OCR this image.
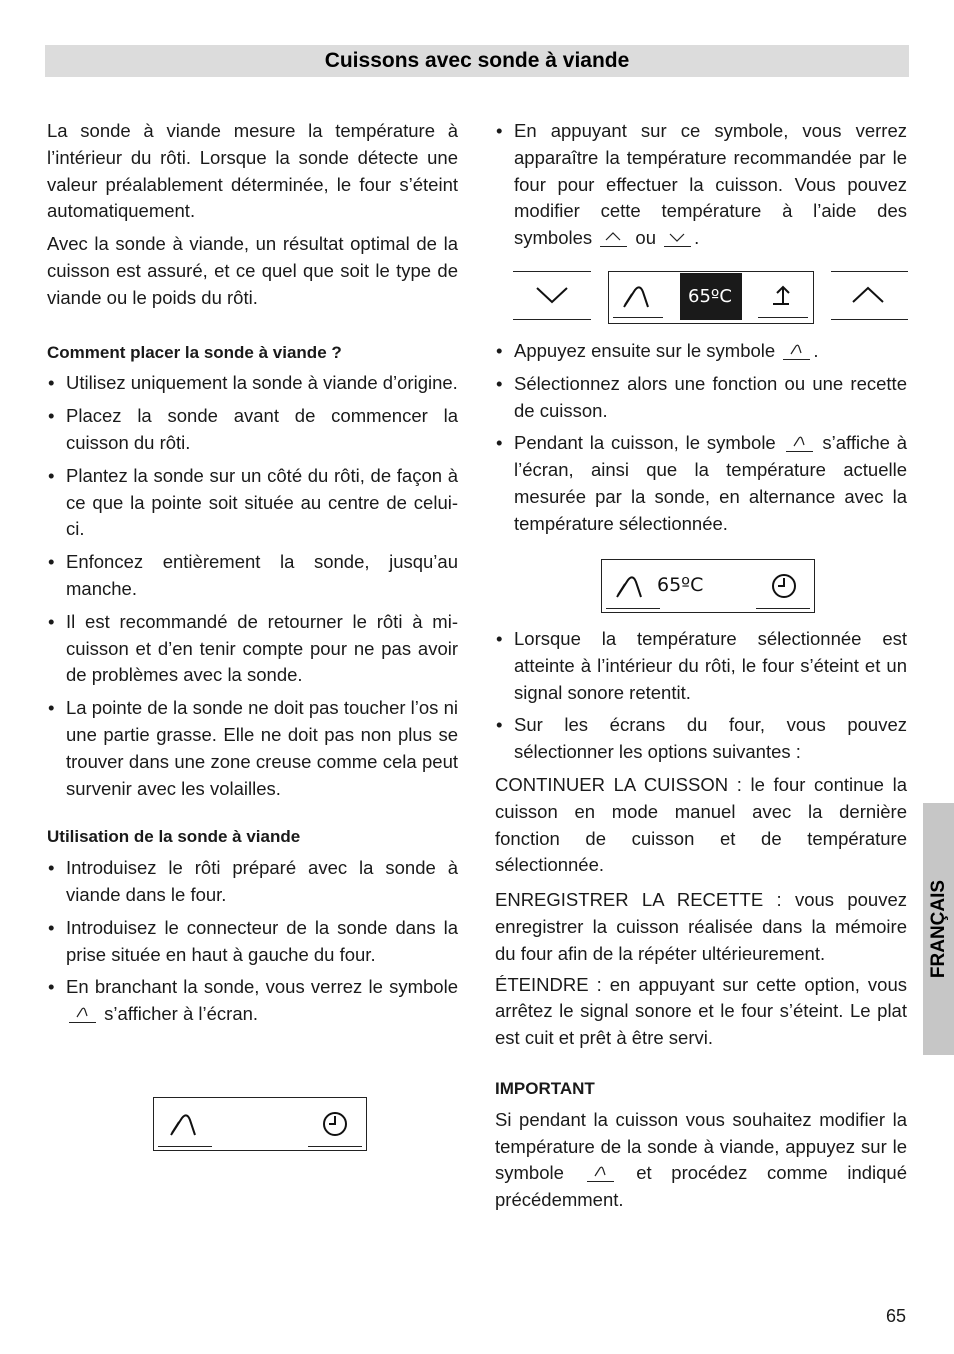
Cuissons avec sonde à viande

La sonde à viande mesure la température à l’intérieur du rôti. Lorsque la sonde détecte une valeur préalablement déterminée, le four s’éteint automatiquement.

Avec la sonde à viande, un résultat optimal de la cuisson est assuré, et ce quel que soit le type de viande ou le poids du rôti.

Comment placer la sonde à viande ?

• Utilisez uniquement la sonde à viande d’origine.
• Placez la sonde avant de commencer la cuisson du rôti.
• Plantez la sonde sur un côté du rôti, de façon à ce que la pointe soit située au centre de celui-ci.
• Enfoncez entièrement la sonde, jusqu’au manche.
• Il est recommandé de retourner le rôti à mi-cuisson et d’en tenir compte pour ne pas avoir de problèmes avec la sonde.
• La pointe de la sonde ne doit pas toucher l’os ni une partie grasse. Elle ne doit pas non plus se trouver dans une zone creuse comme cela peut survenir avec les volailles.

Utilisation de la sonde à viande

• Introduisez le rôti préparé avec la sonde à viande dans le four.
• Introduisez le connecteur de la sonde dans la prise située en haut à gauche du four.
• En branchant la sonde, vous verrez le symbole
s’afficher à l’écran.
• En appuyant sur ce symbole, vous verrez apparaître la température recommandée par le four pour effectuer la cuisson. Vous pouvez modifier cette température à l’aide des symboles ou .
65ºC
• Appuyez ensuite sur le symbole .
• Sélectionnez alors une fonction ou une recette de cuisson.
• Pendant la cuisson, le symbole	s’affiche à l’écran, ainsi que la température actuelle mesurée par la sonde, en alternance avec la température sélectionnée.
65ºC
• Lorsque la température sélectionnée est atteinte à l’intérieur du rôti, le four s’éteint et un signal sonore retentit.
• Sur les écrans du four, vous pouvez sélectionner les options suivantes :

CONTINUER LA CUISSON : le four continue la cuisson en mode manuel avec la dernière fonction de cuisson et de température sélectionnée.

ENREGISTRER LA RECETTE : vous pouvez enregistrer la cuisson réalisée dans la mémoire du four afin de la répéter ultérieurement.

ÉTEINDRE : en appuyant sur cette option, vous arrêtez le signal sonore et le four s’éteint. Le plat est cuit et prêt à être servi.

IMPORTANT

Si pendant la cuisson vous souhaitez modifier la température de la sonde à viande, appuyez sur le symbole	et procédez comme indiqué précédemment.

FRANÇAIS
65
